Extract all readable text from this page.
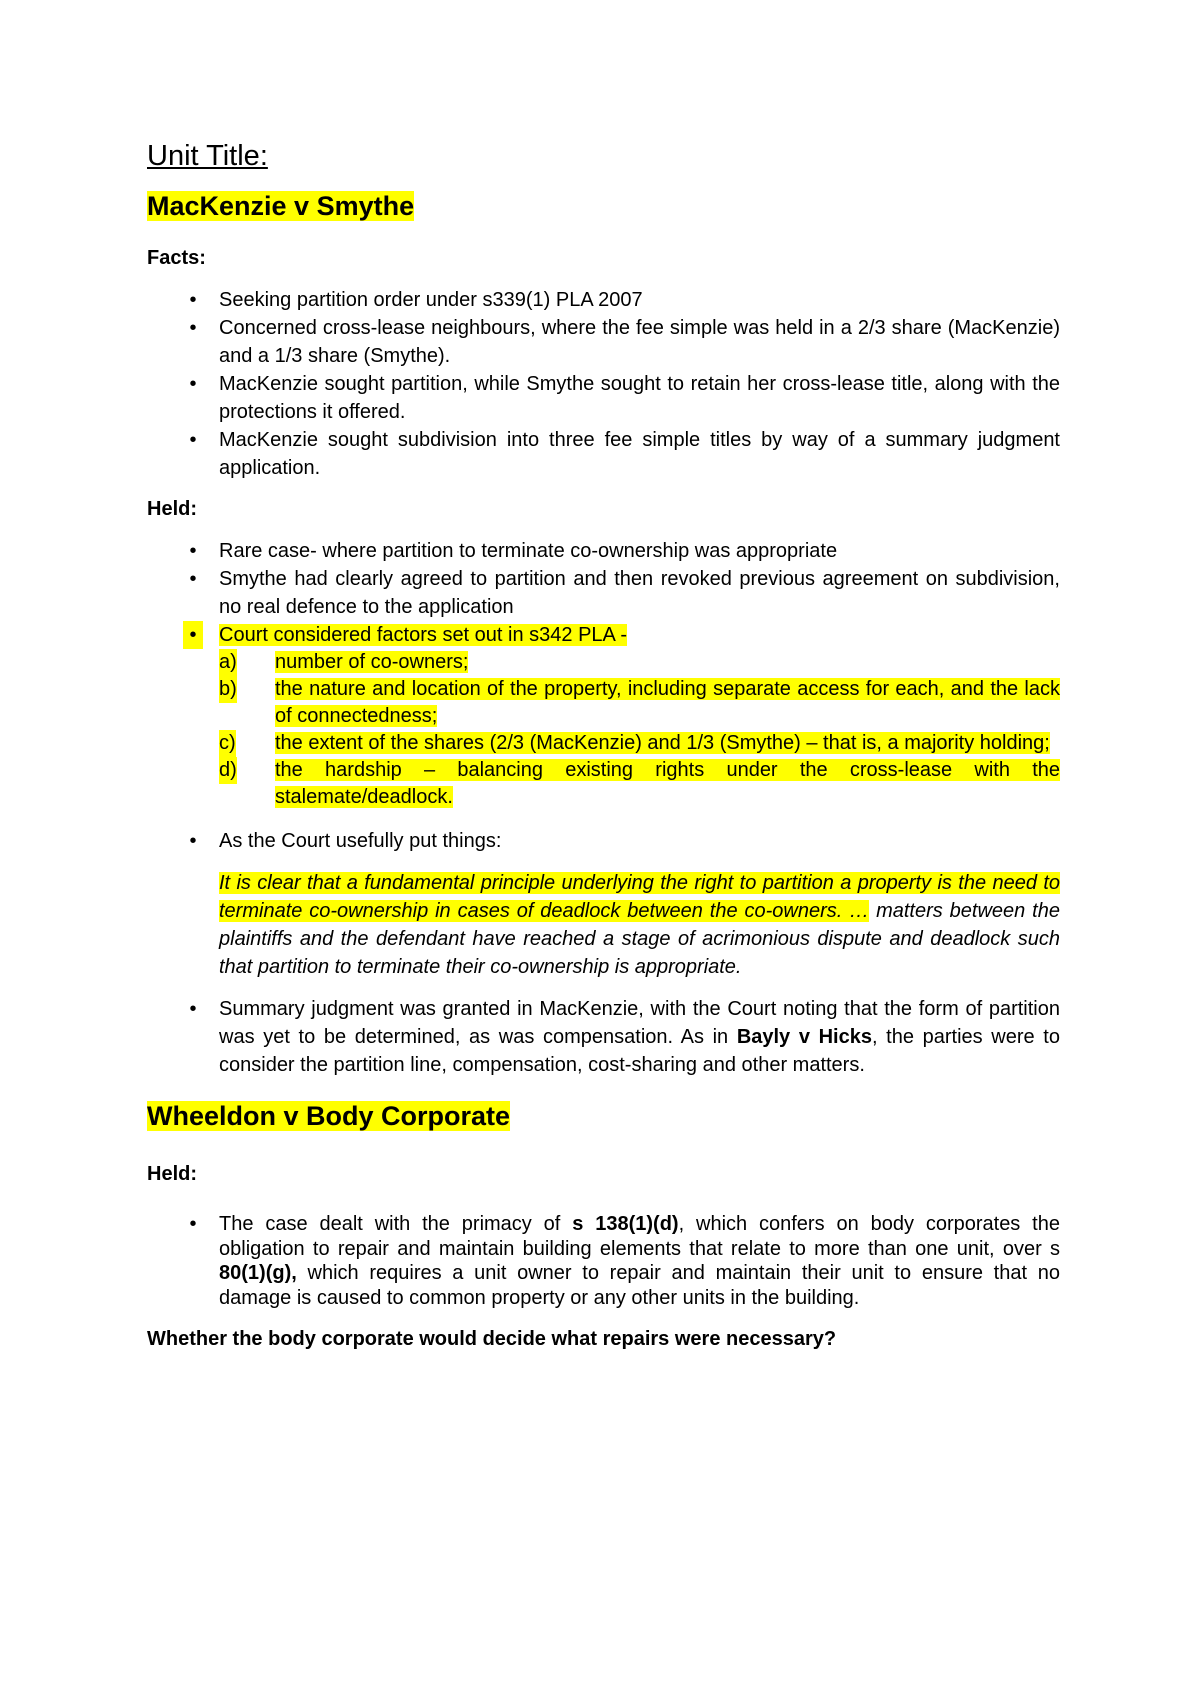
Unit Title:
MacKenzie v Smythe
Facts:
•	Seeking partition order under s339(1) PLA 2007
•	Concerned cross-lease neighbours, where the fee simple was held in a 2/3 share (MacKenzie) and a 1/3 share (Smythe).
•	MacKenzie sought partition, while Smythe sought to retain her cross-lease title, along with the protections it offered.
•	MacKenzie sought subdivision into three fee simple titles by way of a summary judgment application.
Held:
•	Rare case- where partition to terminate co-ownership was appropriate
•	Smythe had clearly agreed to partition and then revoked previous agreement on subdivision, no real defence to the application
•	Court considered factors set out in s342 PLA -
a) number of co-owners;
b) the nature and location of the property, including separate access for each, and the lack of connectedness;
c) the extent of the shares (2/3 (MacKenzie) and 1/3 (Smythe) – that is, a majority holding;
d) the hardship – balancing existing rights under the cross-lease with the stalemate/deadlock.
•	As the Court usefully put things:
It is clear that a fundamental principle underlying the right to partition a property is the need to terminate co-ownership in cases of deadlock between the co-owners. … matters between the plaintiffs and the defendant have reached a stage of acrimonious dispute and deadlock such that partition to terminate their co-ownership is appropriate.
•	Summary judgment was granted in MacKenzie, with the Court noting that the form of partition was yet to be determined, as was compensation. As in Bayly v Hicks, the parties were to consider the partition line, compensation, cost-sharing and other matters.
Wheeldon v Body Corporate
Held:
•	The case dealt with the primacy of s 138(1)(d), which confers on body corporates the obligation to repair and maintain building elements that relate to more than one unit, over s 80(1)(g), which requires a unit owner to repair and maintain their unit to ensure that no damage is caused to common property or any other units in the building.
Whether the body corporate would decide what repairs were necessary?
